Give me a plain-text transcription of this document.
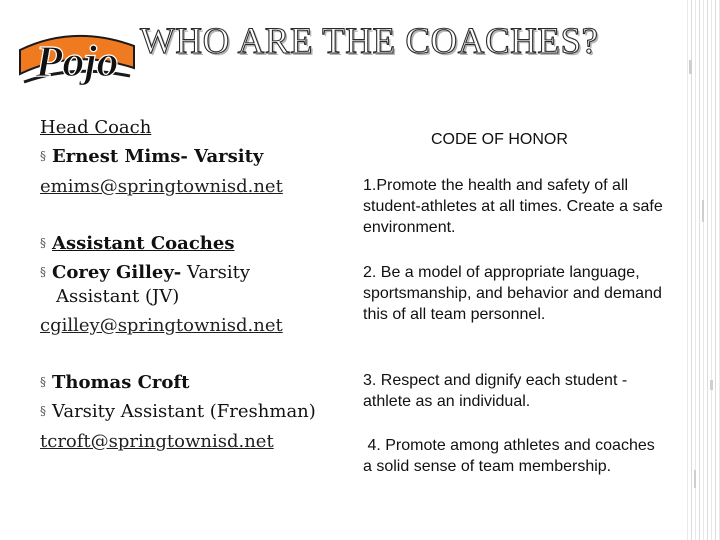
Pojo WHO ARE THE COACHES?
Head Coach
§ Ernest Mims- Varsity
emims@springtownisd.net
§ Assistant Coaches
§ Corey Gilley- Varsity
Assistant (JV)
cgilley@springtownisd.net
§ Thomas Croft
§ Varsity Assistant (Freshman)
tcroft@springtownisd.net
CODE OF HONOR
1.Promote the health and safety of all student-athletes at all times. Create a safe environment.
2. Be a model of appropriate language, sportsmanship, and behavior and demand this of all team personnel.
3. Respect and dignify each student -athlete as an individual.
4. Promote among athletes and coaches a solid sense of team membership.
